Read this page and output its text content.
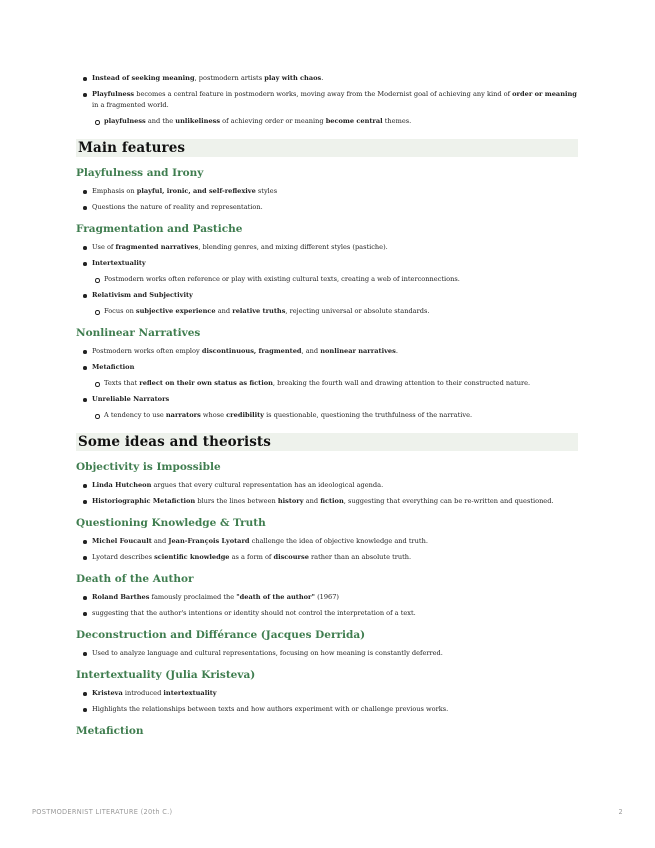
Instead of seeking meaning, postmodern artists play with chaos.
Playfulness becomes a central feature in postmodern works, moving away from the Modernist goal of achieving any kind of order or meaning in a fragmented world.
playfulness and the unlikeliness of achieving order or meaning become central themes.
Main features
Playfulness and Irony
Emphasis on playful, ironic, and self-reflexive styles
Questions the nature of reality and representation.
Fragmentation and Pastiche
Use of fragmented narratives, blending genres, and mixing different styles (pastiche).
Intertextuality
Postmodern works often reference or play with existing cultural texts, creating a web of interconnections.
Relativism and Subjectivity
Focus on subjective experience and relative truths, rejecting universal or absolute standards.
Nonlinear Narratives
Postmodern works often employ discontinuous, fragmented, and nonlinear narratives.
Metafiction
Texts that reflect on their own status as fiction, breaking the fourth wall and drawing attention to their constructed nature.
Unreliable Narrators
A tendency to use narrators whose credibility is questionable, questioning the truthfulness of the narrative.
Some ideas and theorists
Objectivity is Impossible
Linda Hutcheon argues that every cultural representation has an ideological agenda.
Historiographic Metafiction blurs the lines between history and fiction, suggesting that everything can be re-written and questioned.
Questioning Knowledge & Truth
Michel Foucault and Jean-François Lyotard challenge the idea of objective knowledge and truth.
Lyotard describes scientific knowledge as a form of discourse rather than an absolute truth.
Death of the Author
Roland Barthes famously proclaimed the "death of the author" (1967)
suggesting that the author's intentions or identity should not control the interpretation of a text.
Deconstruction and Différance (Jacques Derrida)
Used to analyze language and cultural representations, focusing on how meaning is constantly deferred.
Intertextuality (Julia Kristeva)
Kristeva introduced intertextuality
Highlights the relationships between texts and how authors experiment with or challenge previous works.
Metafiction
POSTMODERNIST LITERATURE (20th C.)	2
